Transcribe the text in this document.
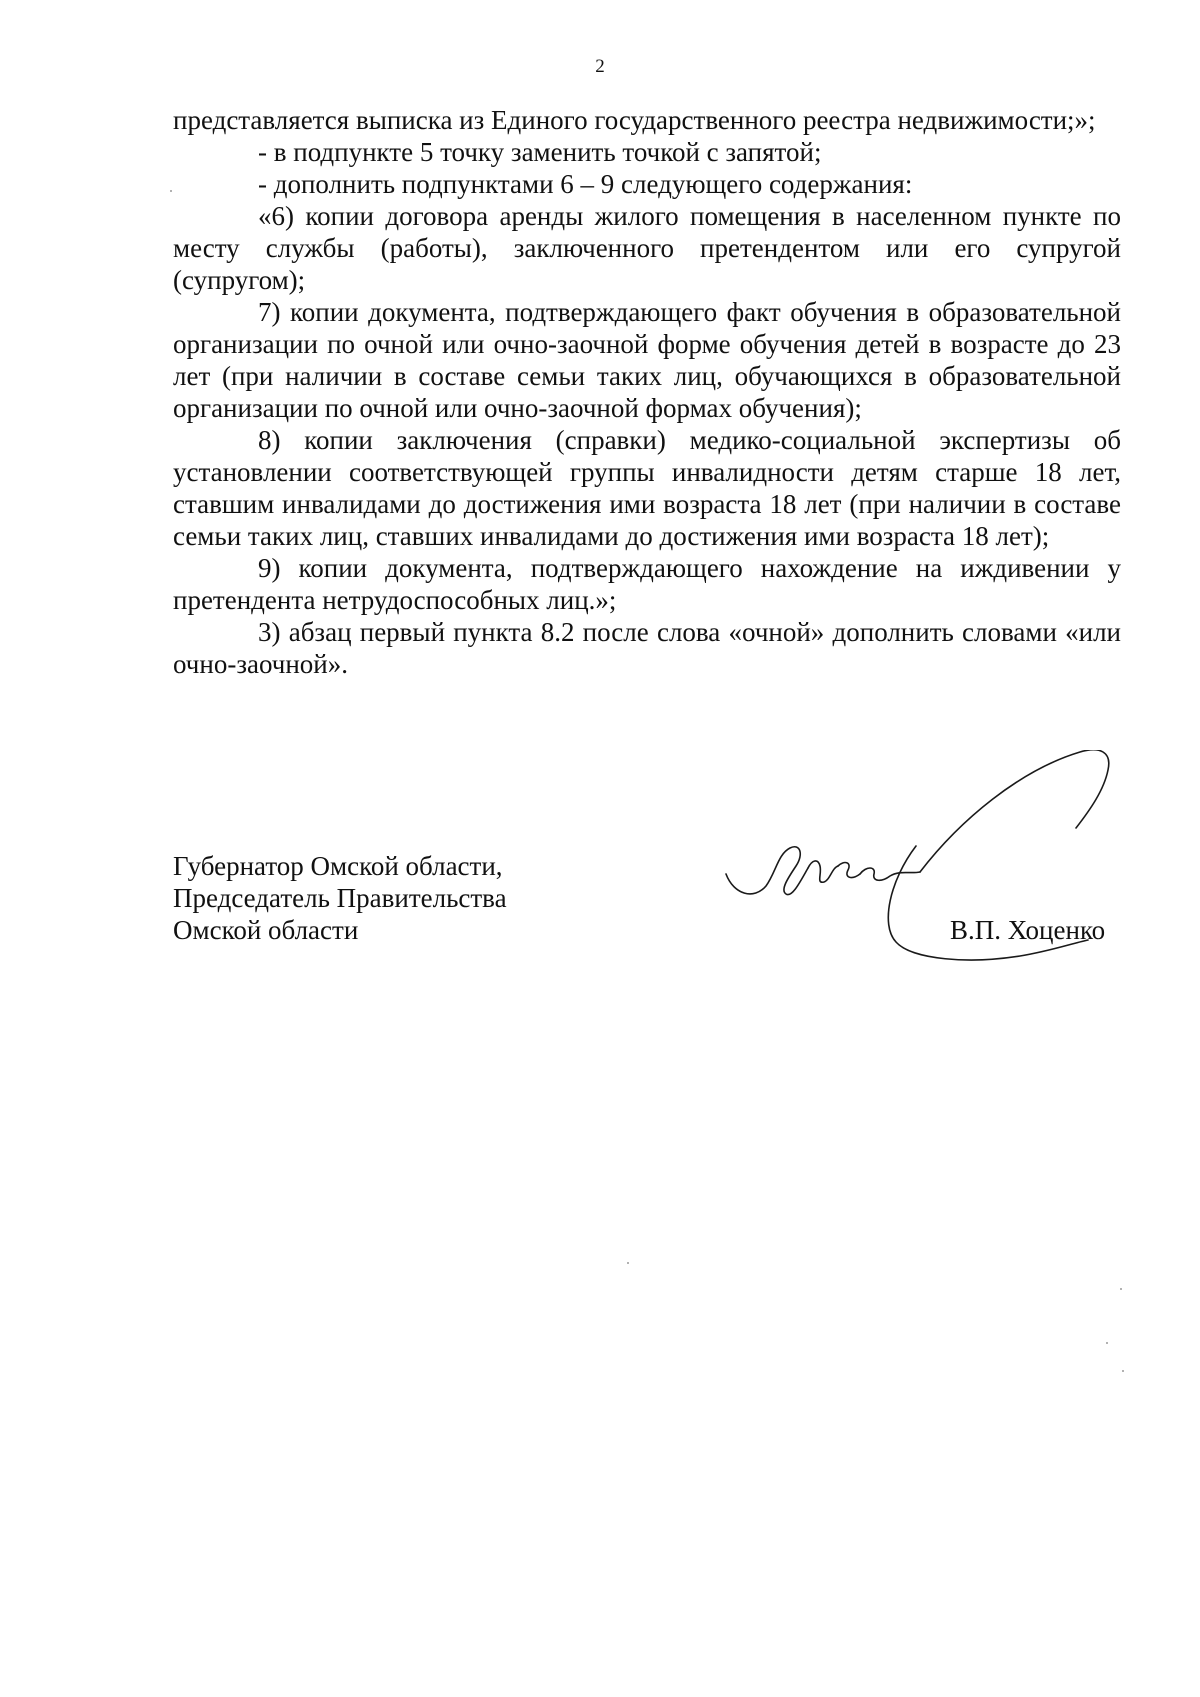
2

представляется выписка из Единого государственного реестра недвижимости;»;

- в подпункте 5 точку заменить точкой с запятой;

- дополнить подпунктами 6 – 9 следующего содержания:

«6) копии договора аренды жилого помещения в населенном пункте по месту службы (работы), заключенного претендентом или его супругой (супругом);

7) копии документа, подтверждающего факт обучения в образовательной организации по очной или очно-заочной форме обучения детей в возрасте до 23 лет (при наличии в составе семьи таких лиц, обучающихся в образовательной организации по очной или очно-заочной формах обучения);

8) копии заключения (справки) медико-социальной экспертизы об установлении соответствующей группы инвалидности детям старше 18 лет, ставшим инвалидами до достижения ими возраста 18 лет (при наличии в составе семьи таких лиц, ставших инвалидами до достижения ими возраста 18 лет);

9) копии документа, подтверждающего нахождение на иждивении у претендента нетрудоспособных лиц.»;

3) абзац первый пункта 8.2 после слова «очной» дополнить словами «или очно-заочной».

Губернатор Омской области,
Председатель Правительства
Омской области	В.П. Хоценко
